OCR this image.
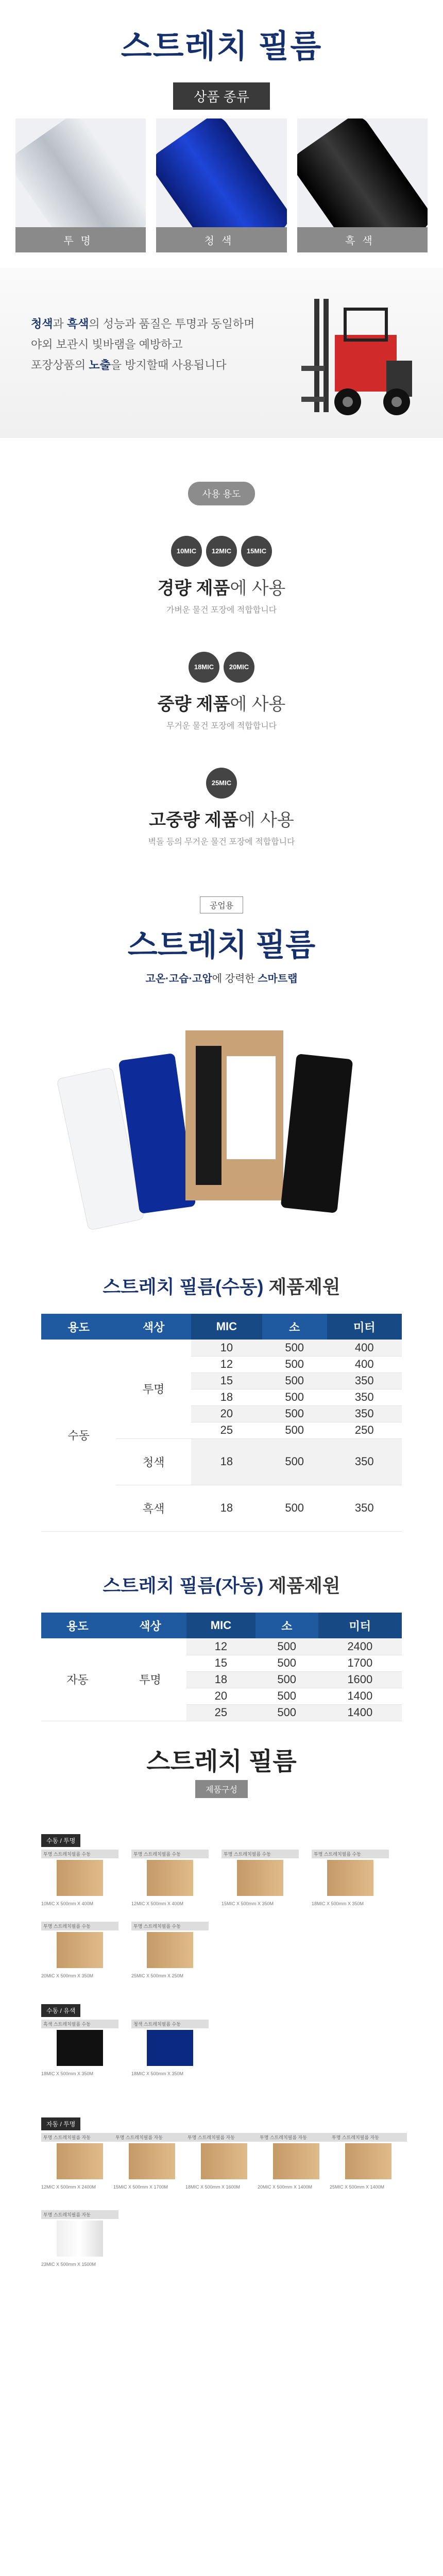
스트레치 필름
상품 종류
투명	청색	흑색

청색과 흑색의 성능과 품질은 투명과 동일하며

야외 보관시 빛바램을 예방하고

포장상품의 노출을 방지할때 사용됩니다

사용 용도
10MIC	12MIC	15MIC
경량 제품에 사용
가벼운 물건 포장에 적합합니다
18MIC	20MIC
중량 제품에 사용
무거운 물건 포장에 적합합니다
25MIC
고중량 제품에 사용
벽돌 등의 무거운 물건 포장에 적합합니다
공업용
스트레치 필름
고온·고습·고압에 강력한 스마트랩
스트레치 필름(수동) 제품제원
용도	색상	MIC	소	미터
수동	투명	10	500	400
		12	500	400
		15	500	350
		18	500	350
		20	500	350
		25	500	250
	청색	18	500	350
	흑색	18	500	350
스트레치 필름(자동) 제품제원
용도	색상	MIC	소	미터
자동	투명	12	500	2400
		15	500	1700
		18	500	1600
		20	500	1400
		25	500	1400
스트레치 필름
제품구성
수동 / 투명
투명 스트레치필름 수동
10MIC X 500mm X 400M
투명 스트레치필름 수동
12MIC X 500mm X 400M
투명 스트레치필름 수동
15MIC X 500mm X 350M
투명 스트레치필름 수동
18MIC X 500mm X 350M
투명 스트레치필름 수동
20MIC X 500mm X 350M
투명 스트레치필름 수동
25MIC X 500mm X 250M
수동 / 유색
흑색 스트레치필름 수동
18MIC X 500mm X 350M
청색 스트레치필름 수동
18MIC X 500mm X 350M
자동 / 투명
투명 스트레치필름 자동
12MIC X 500mm X 2400M
투명 스트레치필름 자동
15MIC X 500mm X 1700M
투명 스트레치필름 자동
18MIC X 500mm X 1600M
투명 스트레치필름 자동
20MIC X 500mm X 1400M
투명 스트레치필름 자동
25MIC X 500mm X 1400M
투명 스트레치필름 자동
23MIC X 500mm X 1500M
